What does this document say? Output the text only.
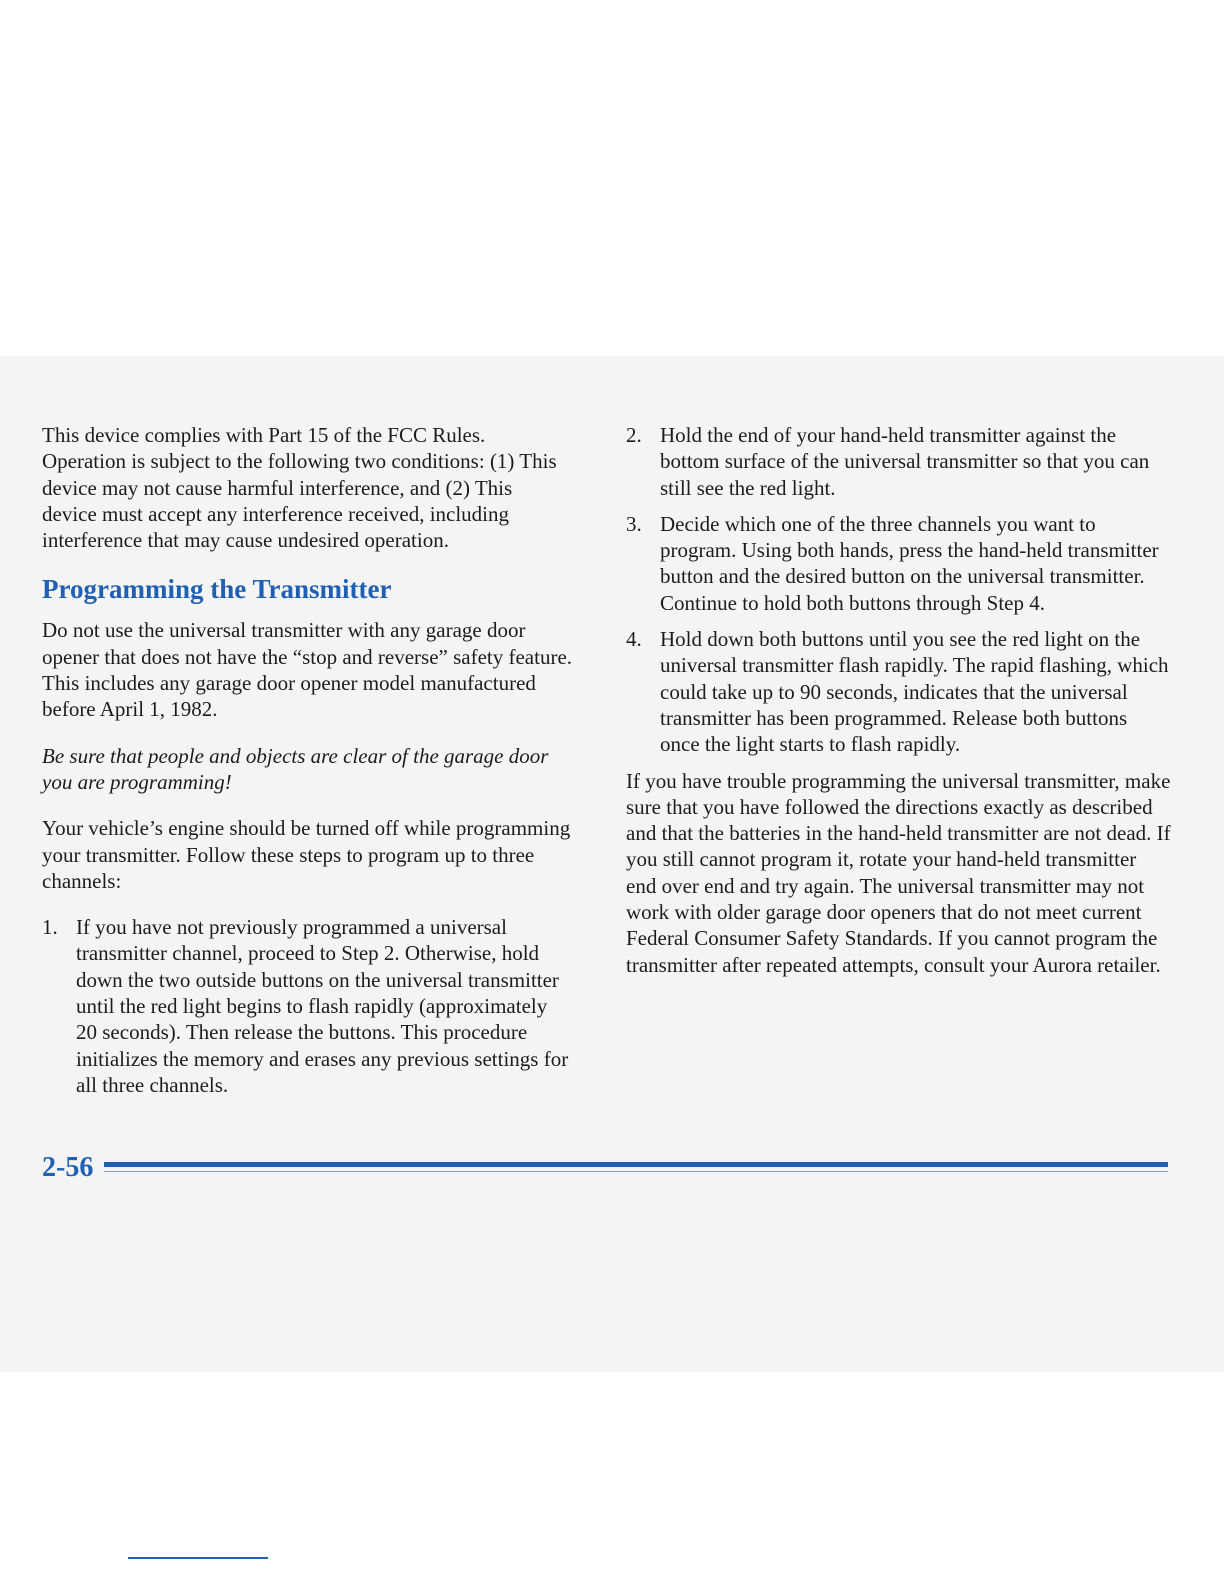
This device complies with Part 15 of the FCC Rules. Operation is subject to the following two conditions: (1) This device may not cause harmful interference, and (2) This device must accept any interference received, including interference that may cause undesired operation.

Programming the Transmitter

Do not use the universal transmitter with any garage door opener that does not have the “stop and reverse” safety feature. This includes any garage door opener model manufactured before April 1, 1982.

Be sure that people and objects are clear of the garage door you are programming!

Your vehicle’s engine should be turned off while programming your transmitter. Follow these steps to program up to three channels:

1. If you have not previously programmed a universal transmitter channel, proceed to Step 2. Otherwise, hold down the two outside buttons on the universal transmitter until the red light begins to flash rapidly (approximately 20 seconds). Then release the buttons. This procedure initializes the memory and erases any previous settings for all three channels.
2. Hold the end of your hand-held transmitter against the bottom surface of the universal transmitter so that you can still see the red light.
3. Decide which one of the three channels you want to program. Using both hands, press the hand-held transmitter button and the desired button on the universal transmitter. Continue to hold both buttons through Step 4.
4. Hold down both buttons until you see the red light on the universal transmitter flash rapidly. The rapid flashing, which could take up to 90 seconds, indicates that the universal transmitter has been programmed. Release both buttons once the light starts to flash rapidly.

If you have trouble programming the universal transmitter, make sure that you have followed the directions exactly as described and that the batteries in the hand-held transmitter are not dead. If you still cannot program it, rotate your hand-held transmitter end over end and try again. The universal transmitter may not work with older garage door openers that do not meet current Federal Consumer Safety Standards. If you cannot program the transmitter after repeated attempts, consult your Aurora retailer.

2-56
